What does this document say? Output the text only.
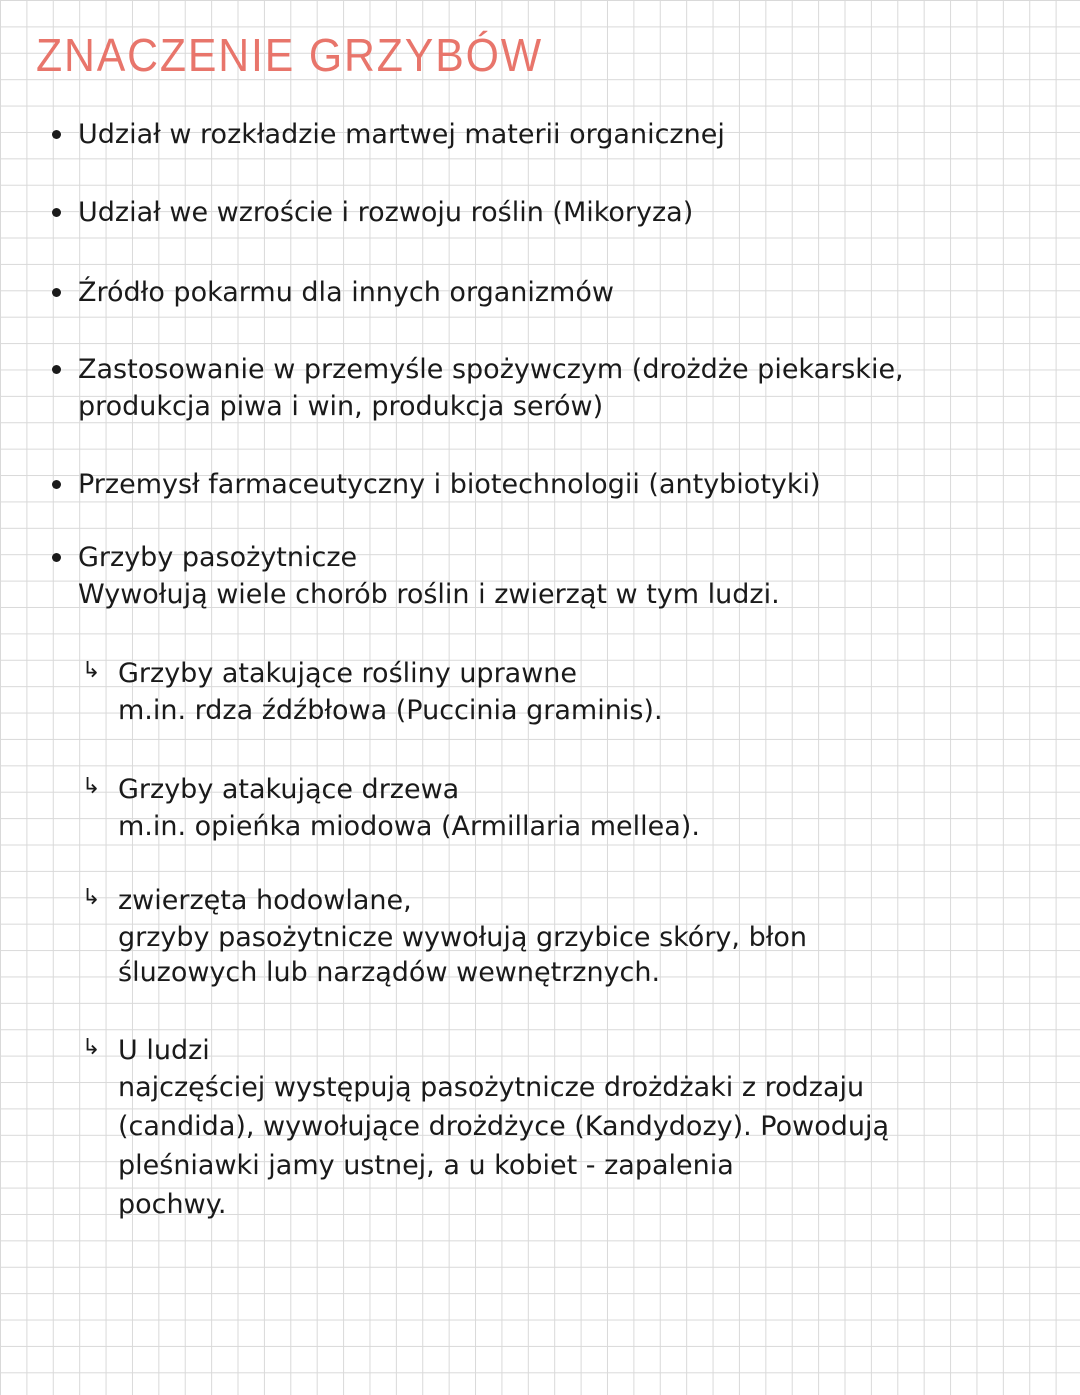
ZNACZENIE GRZYBÓW
Udział w rozkładzie martwej materii organicznej
Udział we wzroście i rozwoju roślin (Mikoryza)
Źródło pokarmu dla innych organizmów
Zastosowanie w przemyśle spożywczym (drożdże piekarskie,
produkcja piwa i win, produkcja serów)
Przemysł farmaceutyczny i biotechnologii (antybiotyki)
Grzyby pasożytnicze
Wywołują wiele chorób roślin i zwierząt w tym ludzi.
↳ Grzyby atakujące rośliny uprawne
m.in. rdza źdźbłowa (Puccinia graminis).
↳ Grzyby atakujące drzewa
m.in. opieńka miodowa (Armillaria mellea).
↳ zwierzęta hodowlane,
grzyby pasożytnicze wywołują grzybice skóry, błon
śluzowych lub narządów wewnętrznych.
↳ U ludzi
najczęściej występują pasożytnicze drożdżaki z rodzaju
(candida), wywołujące drożdżyce (Kandydozy). Powodują
pleśniawki jamy ustnej, a u kobiet - zapalenia
pochwy.
